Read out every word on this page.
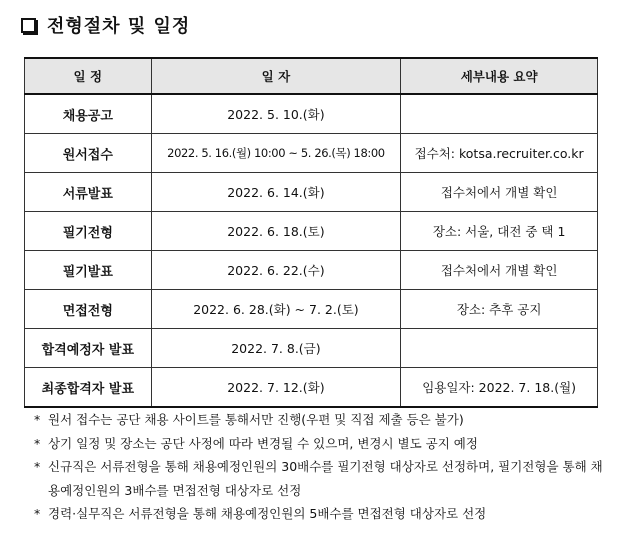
전형절차 및 일정
일 정	일 자	세부내용 요약
채용공고	2022. 5. 10.(화)	
원서접수	2022. 5. 16.(월) 10:00 ~ 5. 26.(목) 18:00	접수처: kotsa.recruiter.co.kr
서류발표	2022. 6. 14.(화)	접수처에서 개별 확인
필기전형	2022. 6. 18.(토)	장소: 서울, 대전 중 택 1
필기발표	2022. 6. 22.(수)	접수처에서 개별 확인
면접전형	2022. 6. 28.(화) ~ 7. 2.(토)	장소: 추후 공지
합격예정자 발표	2022. 7. 8.(금)	
최종합격자 발표	2022. 7. 12.(화)	임용일자: 2022. 7. 18.(월)
* 원서 접수는 공단 채용 사이트를 통해서만 진행(우편 및 직접 제출 등은 불가)
* 상기 일정 및 장소는 공단 사정에 따라 변경될 수 있으며, 변경시 별도 공지 예정
* 신규직은 서류전형을 통해 채용예정인원의 30배수를 필기전형 대상자로 선정하며, 필기전형을 통해 채용예정인원의 3배수를 면접전형 대상자로 선정
* 경력·실무직은 서류전형을 통해 채용예정인원의 5배수를 면접전형 대상자로 선정
